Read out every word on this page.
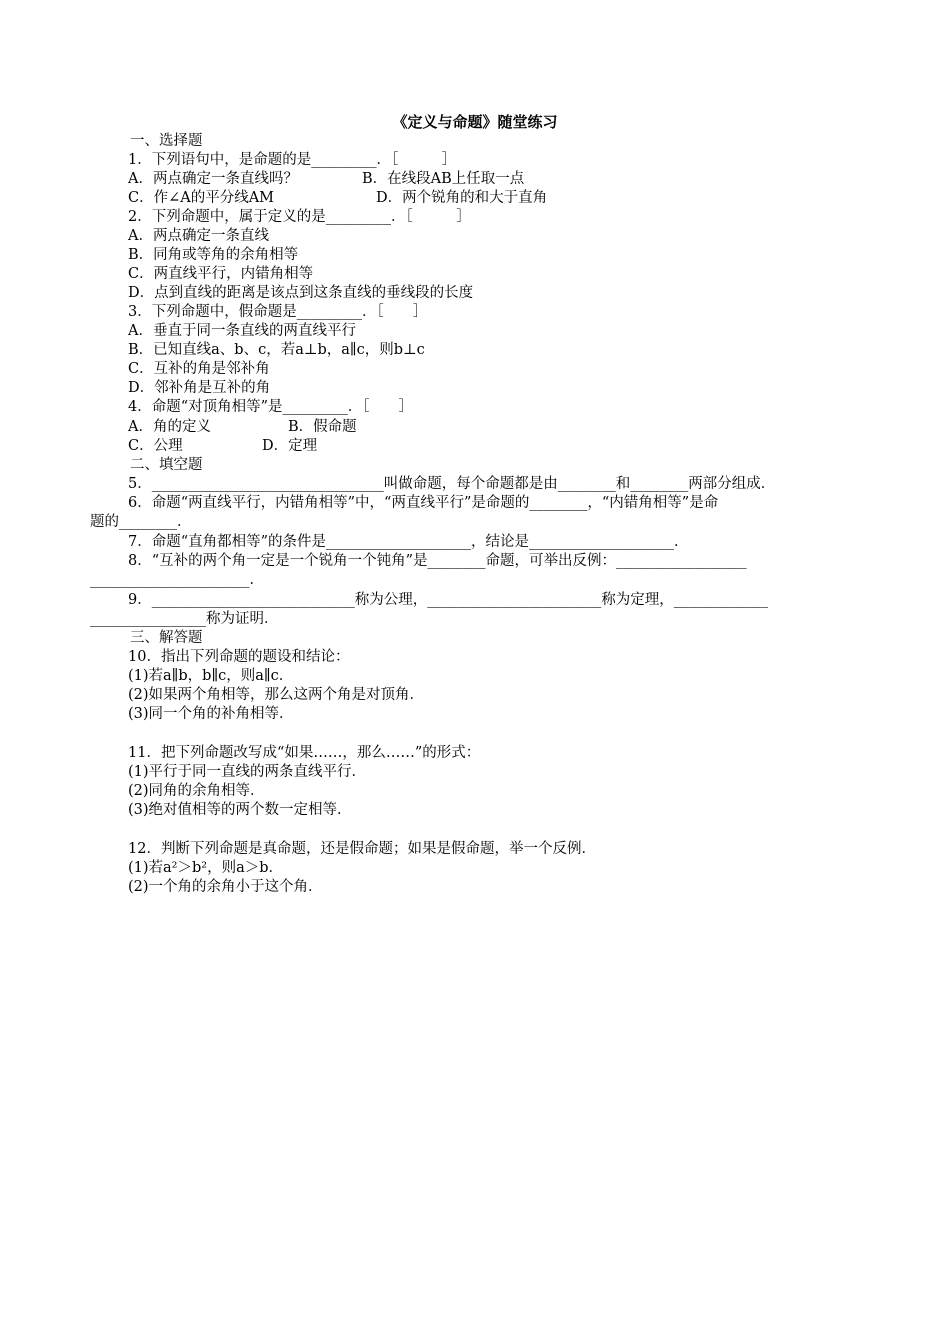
《定义与命题》随堂练习
一、选择题
1．下列语句中，是命题的是_________．［　　　］
A．两点确定一条直线吗？	B．在线段AB上任取一点
C．作∠A的平分线AM	D．两个锐角的和大于直角
2．下列命题中，属于定义的是_________．［　　　］
A．两点确定一条直线
B．同角或等角的余角相等
C．两直线平行，内错角相等
D．点到直线的距离是该点到这条直线的垂线段的长度
3．下列命题中，假命题是_________．［　　］
A．垂直于同一条直线的两直线平行
B．已知直线a、b、c，若a⊥b，a∥c，则b⊥c
C．互补的角是邻补角
D．邻补角是互补的角
4．命题“对顶角相等”是_________．［　　］
A．角的定义	B．假命题
C．公理	D．定理
二、填空题
5．________________________________叫做命题，每个命题都是由________和________两部分组成．
6．命题“两直线平行，内错角相等”中，“两直线平行”是命题的________，“内错角相等”是命
题的________．
7．命题“直角都相等”的条件是____________________，结论是____________________．
8．“互补的两个角一定是一个锐角一个钝角”是________命题，可举出反例：__________________
______________________．
9．____________________________称为公理，________________________称为定理，_____________
________________称为证明．
三、解答题
10．指出下列命题的题设和结论：
(1)若a∥b，b∥c，则a∥c．
(2)如果两个角相等，那么这两个角是对顶角．
(3)同一个角的补角相等．
11．把下列命题改写成“如果……，那么……”的形式：
(1)平行于同一直线的两条直线平行．
(2)同角的余角相等．
(3)绝对值相等的两个数一定相等．
12．判断下列命题是真命题，还是假命题；如果是假命题，举一个反例．
(1)若a²＞b²，则a＞b．
(2)一个角的余角小于这个角．
